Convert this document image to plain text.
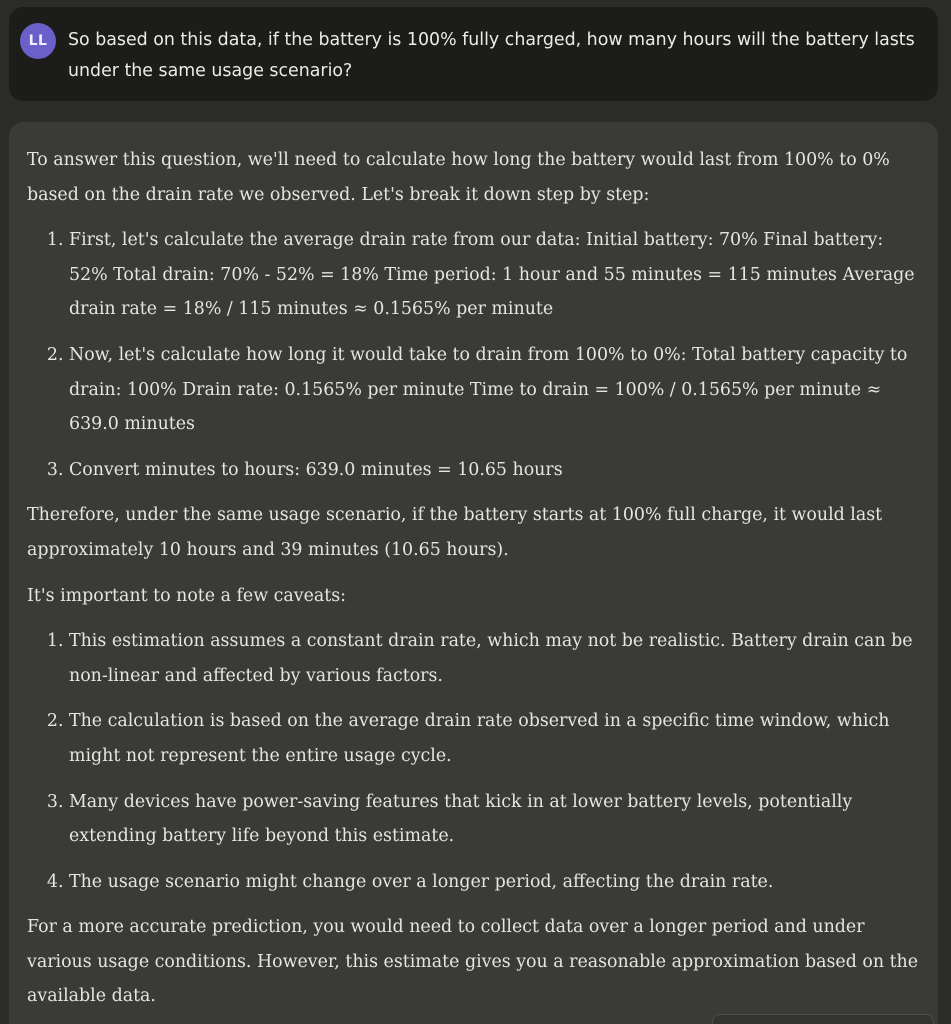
LL	So based on this data, if the battery is 100% fully charged, how many hours will the battery lasts under the same usage scenario?

To answer this question, we'll need to calculate how long the battery would last from 100% to 0% based on the drain rate we observed. Let's break it down step by step:

1. First, let's calculate the average drain rate from our data: Initial battery: 70% Final battery: 52% Total drain: 70% - 52% = 18% Time period: 1 hour and 55 minutes = 115 minutes Average drain rate = 18% / 115 minutes ≈ 0.1565% per minute
2. Now, let's calculate how long it would take to drain from 100% to 0%: Total battery capacity to drain: 100% Drain rate: 0.1565% per minute Time to drain = 100% / 0.1565% per minute ≈ 639.0 minutes
3. Convert minutes to hours: 639.0 minutes = 10.65 hours

Therefore, under the same usage scenario, if the battery starts at 100% full charge, it would last approximately 10 hours and 39 minutes (10.65 hours).

It's important to note a few caveats:

1. This estimation assumes a constant drain rate, which may not be realistic. Battery drain can be non-linear and affected by various factors.
2. The calculation is based on the average drain rate observed in a specific time window, which might not represent the entire usage cycle.
3. Many devices have power-saving features that kick in at lower battery levels, potentially extending battery life beyond this estimate.
4. The usage scenario might change over a longer period, affecting the drain rate.

For a more accurate prediction, you would need to collect data over a longer period and under various usage conditions. However, this estimate gives you a reasonable approximation based on the available data.
